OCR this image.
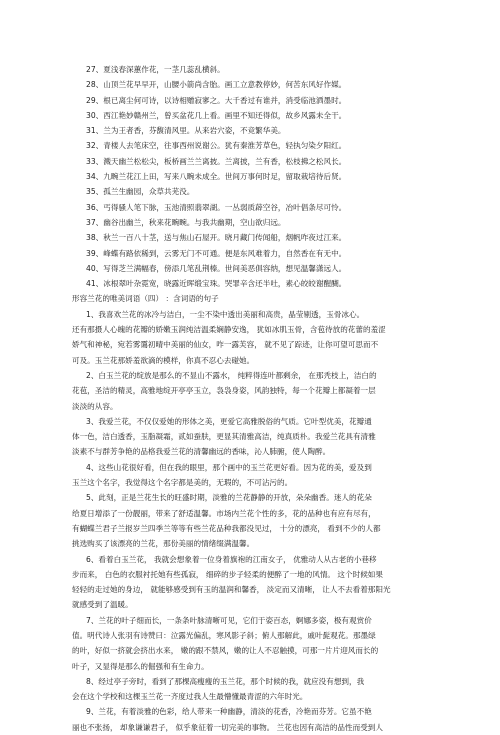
27、夏浅春深蕙作花，一茎几蕊乱横斜。
28、山顶兰花早早开，山腰小箭尚含胎。画工立意教停妙，何苦东风好作媒。
29、根已离尘何可诗，以诗相赠寂寥之。大千香过有谁并，消受临池洒墨时。
30、西江艳妙赣州兰，曾买盆花几上看。画里不知还得似，故乡风露未全干。
31、兰为王者香，芬馥清风里。从来岩穴姿，不竞繁华美。
32、青楼人去笔床空，往事西州说谢公。犹有秦淮芳草色，轻执匀染夕阳红。
33、溅天幽兰松松尖，板桥画兰兰离披。兰离披，兰有香，松枝拂之松风长。
34、九畹兰花江上田，写来八畹未成全。世间万事何时足，留取栽培待后贤。
35、孤兰生幽园，众草共芜没。
36、丐得骚人笔下脉，玉池清照翡翠湖。一丛弱质薜空谷，冶叶倡条尽可怜。
37、幽谷出幽兰，秋来花畹畹。与我共幽期，空山欲归远。
38、秋兰一百八十茎，送与焦山石屋开。晓月藏门传闻船，烟帆咋夜过江来。
39、峰蝶有路依稀到，云雾无门不可通。便是东风难着力，自然香在有无中。
40、写得芝兰满幅春，傍添几笔乱荆榛。世间美恶俱容纳，想见温馨潇远人。
41、冰根翠叶杂霓宽，晓露近晖缎宝珠。哭罪辛含还半吐，素心皎皎谢醒醐。
形容兰花的唯美词语（四） ：含词语的句子
1、我喜欢兰花的冰冷与洁白，一尘不染中透出美丽和高贵，晶莹剔透，玉骨冰心。
还有那摄人心魄的花瓣的娇嫩玉润纯洁温柔娴静安逸， 犹如冰肌玉骨，含苞待放的花蕾的羞涩
娇气和神秘，宛若雾霭初晴中美丽的仙女，咋一露芙容， 就不见了踪迹，让你可望可思而不
可及。玉兰花那娇羞欲滴的模样，你真不忍心去碰她。
2、白玉兰花的绽放是那么的不显山不露水， 纯粹得连叶都剩余， 在那秃枝上，洁白的
花苞，圣洁的精灵，高雅地绽开亭亭玉立，袅袅身姿，风韵独特，每一个花瓣上都凝着一层
淡淡的从容。
3、我爱兰花，不仅仅爱她的形体之美，更爱它高雅脱俗的气质。它叶型优美，花瓣通
体一色，洁白透香，玉脂凝霜，贰如蚕肤，更显其清雅高洁，纯真质朴。我爱兰花具有清雅
淡素不与群芳争艳的品格我爱兰花的清馨幽远的香味，沁人肺腑，使人陶醉。
4、这些山花很好看，但在我的眼里，那个画中的玉兰花更好看。因为花的美，爱及到
玉兰这个名字，我觉得这个名字都是美的，无瑕的，不可沾污的。
5、此刻，正是兰花生长的旺盛时期，淡雅的兰花静静的开放，朵朵幽香。迷人的花朵
给夏日增添了一份靓丽，带来了舒适温馨。市场内兰花个性的多，花的品种也有应有尽有，
有蝴蝶兰君子兰报岁兰四季兰等等有些兰花品种我都没见过， 十分的漂亮， 看到不少的人都
挑选购买了该漂亮的兰花，那份美丽的情绪缀满温馨。
6、看着白玉兰花， 我就会想象着一位身着旗袍的江南女子， 优雅动人从古老的小巷移
步而来， 白色的衣服衬托她有些孤寂， 细碎的步子轻柔的便醉了一地的风情。 这个时候如果
轻轻的走过她的身边， 就能够感受到有玉的温润和馨香， 淡定而又清晰， 让人不去看着那阳光
就感受到了温暖。
7、兰花的叶子细而长，一条条叶脉清晰可见，它们于姿百态，婀娜多姿，极有观赏价
值。明代诗人张羽有诗赞曰：泣露光偏乱，寒风影子斜；俯人那解此，戚叶髭观花。那墨绿
的叶，好似一挤就会挤出水来， 嫩的跟不禁风，嫩的让人不忍触摸，可那一片片迎风而长的
叶子，又显得是那么的倔强和有生命力。
8、经过亭子旁时，看到了那棵高瘦瘦的玉兰花，那个时候的我，就应没有想到，我
会在这个学校和这棵玉兰花一齐度过我人生最懵懂最青涩的六年时光。
9、兰花，有着淡雅的色彩，给人带来一种幽静，清淡的花香，冷艳而芬芳。它虽不艳
丽也不张扬， 却象谦谦君子， 似乎象征着一切完美的事物。 兰花也因有高洁的品性而受到人
